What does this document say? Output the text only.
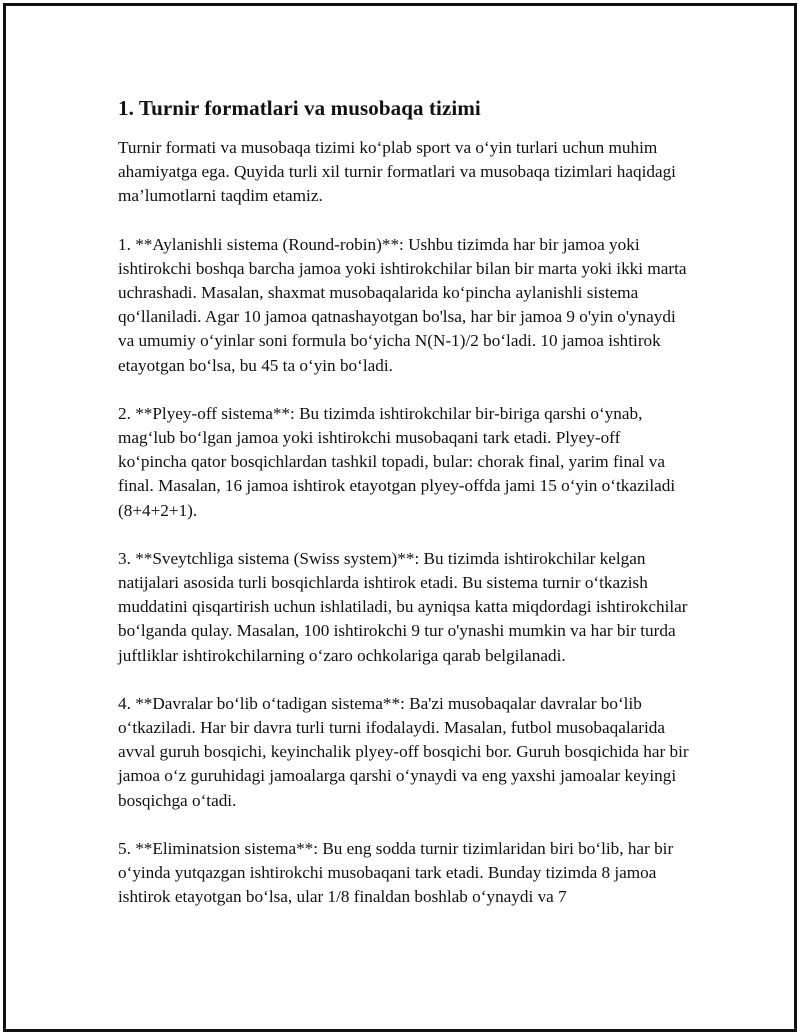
1. Turnir formatlari va musobaqa tizimi

Turnir formati va musobaqa tizimi ko‘plab sport va o‘yin turlari uchun muhim ahamiyatga ega. Quyida turli xil turnir formatlari va musobaqa tizimlari haqidagi ma’lumotlarni taqdim etamiz.

1. **Aylanishli sistema (Round-robin)**: Ushbu tizimda har bir jamoa yoki ishtirokchi boshqa barcha jamoa yoki ishtirokchilar bilan bir marta yoki ikki marta uchrashadi. Masalan, shaxmat musobaqalarida ko‘pincha aylanishli sistema qo‘llaniladi. Agar 10 jamoa qatnashayotgan bo'lsa, har bir jamoa 9 o'yin o'ynaydi va umumiy o‘yinlar soni formula bo‘yicha N(N-1)/2 bo‘ladi. 10 jamoa ishtirok etayotgan bo‘lsa, bu 45 ta o‘yin bo‘ladi.

2. **Plyey-off sistema**: Bu tizimda ishtirokchilar bir-biriga qarshi o‘ynab, mag‘lub bo‘lgan jamoa yoki ishtirokchi musobaqani tark etadi. Plyey-off ko‘pincha qator bosqichlardan tashkil topadi, bular: chorak final, yarim final va final. Masalan, 16 jamoa ishtirok etayotgan plyey-offda jami 15 o‘yin o‘tkaziladi (8+4+2+1).

3. **Sveytchliga sistema (Swiss system)**: Bu tizimda ishtirokchilar kelgan natijalari asosida turli bosqichlarda ishtirok etadi. Bu sistema turnir o‘tkazish muddatini qisqartirish uchun ishlatiladi, bu ayniqsa katta miqdordagi ishtirokchilar bo‘lganda qulay. Masalan, 100 ishtirokchi 9 tur o'ynashi mumkin va har bir turda juftliklar ishtirokchilarning o‘zaro ochkolariga qarab belgilanadi.

4. **Davralar bo‘lib o‘tadigan sistema**: Ba'zi musobaqalar davralar bo‘lib o‘tkaziladi. Har bir davra turli turni ifodalaydi. Masalan, futbol musobaqalarida avval guruh bosqichi, keyinchalik plyey-off bosqichi bor. Guruh bosqichida har bir jamoa o‘z guruhidagi jamoalarga qarshi o‘ynaydi va eng yaxshi jamoalar keyingi bosqichga o‘tadi.

5. **Eliminatsion sistema**: Bu eng sodda turnir tizimlaridan biri bo‘lib, har bir o‘yinda yutqazgan ishtirokchi musobaqani tark etadi. Bunday tizimda 8 jamoa ishtirok etayotgan bo‘lsa, ular 1/8 finaldan boshlab o‘ynaydi va 7
